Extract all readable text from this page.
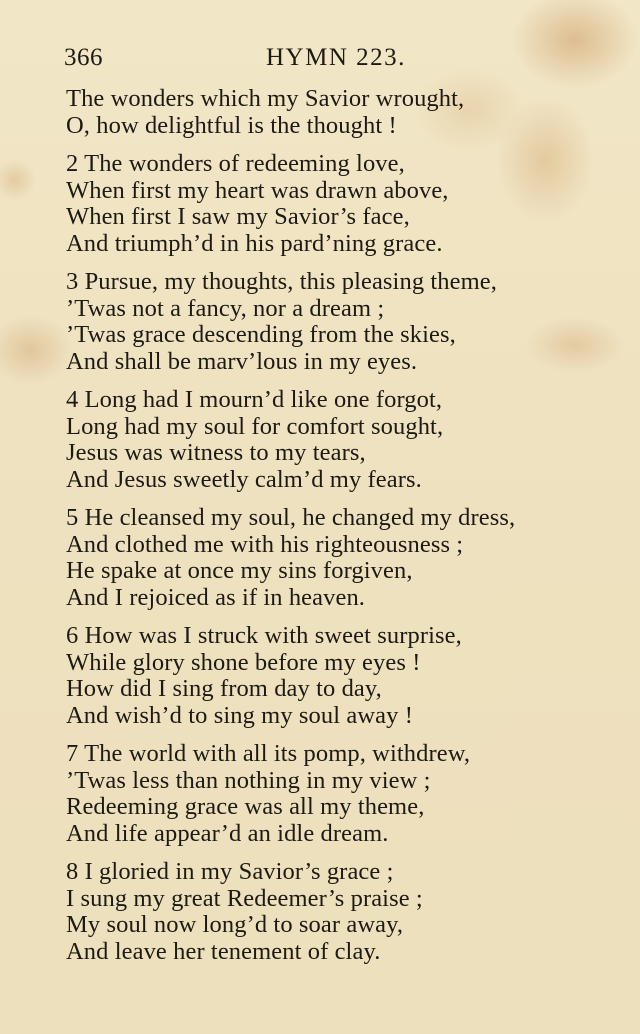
366	HYMN 223.
The wonders which my Savior wrought,
O, how delightful is the thought !
2 The wonders of redeeming love,
When first my heart was drawn above,
When first I saw my Savior’s face,
And triumph’d in his pard’ning grace.
3 Pursue, my thoughts, this pleasing theme,
’Twas not a fancy, nor a dream ;
’Twas grace descending from the skies,
And shall be marv’lous in my eyes.
4 Long had I mourn’d like one forgot,
Long had my soul for comfort sought,
Jesus was witness to my tears,
And Jesus sweetly calm’d my fears.
5 He cleansed my soul, he changed my dress,
And clothed me with his righteousness ;
He spake at once my sins forgiven,
And I rejoiced as if in heaven.
6 How was I struck with sweet surprise,
While glory shone before my eyes !
How did I sing from day to day,
And wish’d to sing my soul away !
7 The world with all its pomp, withdrew,
’Twas less than nothing in my view ;
Redeeming grace was all my theme,
And life appear’d an idle dream.
8 I gloried in my Savior’s grace ;
I sung my great Redeemer’s praise ;
My soul now long’d to soar away,
And leave her tenement of clay.
